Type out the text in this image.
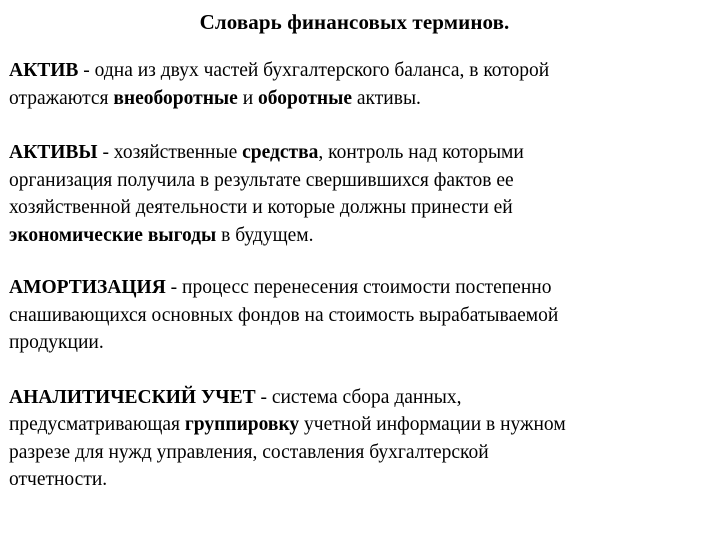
Словарь финансовых терминов.

АКТИВ - одна из двух частей бухгалтерского баланса, в которой
отражаются внеоборотные и оборотные активы.

АКТИВЫ - хозяйственные средства, контроль над которыми
организация получила в результате свершившихся фактов ее
хозяйственной деятельности и которые должны принести ей
экономические выгоды в будущем.

АМОРТИЗАЦИЯ - процесс перенесения стоимости постепенно
снашивающихся основных фондов на стоимость вырабатываемой
продукции.

АНАЛИТИЧЕСКИЙ УЧЕТ - система сбора данных,
предусматривающая группировку учетной информации в нужном
разрезе для нужд управления, составления бухгалтерской
отчетности.
